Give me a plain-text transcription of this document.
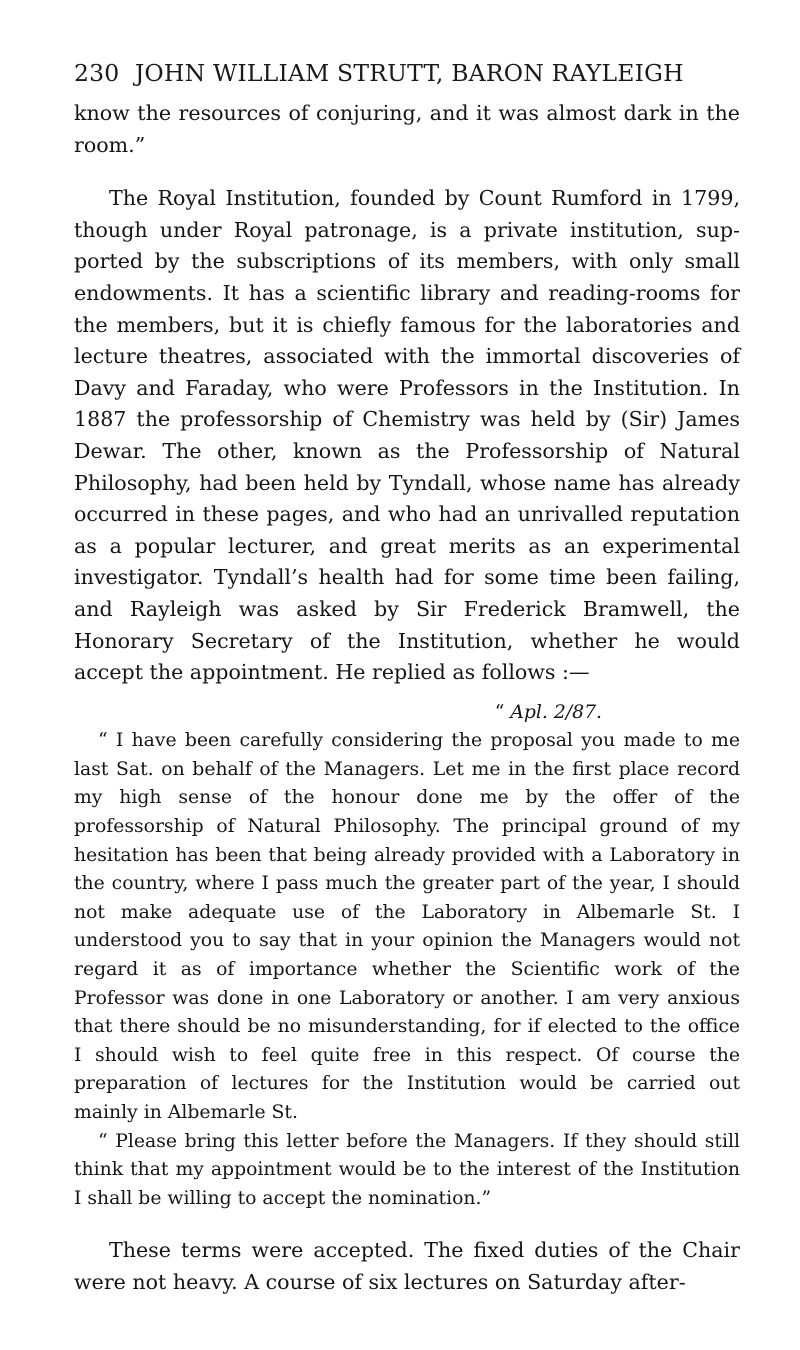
230 JOHN WILLIAM STRUTT, BARON RAYLEIGH

know the resources of conjuring, and it was almost dark in the room.”

The Royal Institution, founded by Count Rumford in 1799, though under Royal patronage, is a private institution, supported by the subscriptions of its members, with only small endowments. It has a scientific library and reading-rooms for the members, but it is chiefly famous for the laboratories and lecture theatres, associated with the immortal discoveries of Davy and Faraday, who were Professors in the Institution. In 1887 the professorship of Chemistry was held by (Sir) James Dewar. The other, known as the Professorship of Natural Philosophy, had been held by Tyndall, whose name has already occurred in these pages, and who had an unrivalled reputation as a popular lecturer, and great merits as an experimental investigator. Tyndall’s health had for some time been failing, and Rayleigh was asked by Sir Frederick Bramwell, the Honorary Secretary of the Institution, whether he would accept the appointment. He replied as follows :—

“ Apl. 2/87.

“ I have been carefully considering the proposal you made to me last Sat. on behalf of the Managers. Let me in the first place record my high sense of the honour done me by the offer of the professorship of Natural Philosophy. The principal ground of my hesitation has been that being already provided with a Laboratory in the country, where I pass much the greater part of the year, I should not make adequate use of the Laboratory in Albemarle St. I understood you to say that in your opinion the Managers would not regard it as of importance whether the Scientific work of the Professor was done in one Laboratory or another. I am very anxious that there should be no misunderstanding, for if elected to the office I should wish to feel quite free in this respect. Of course the preparation of lectures for the Institution would be carried out mainly in Albemarle St.

“ Please bring this letter before the Managers. If they should still think that my appointment would be to the interest of the Institution I shall be willing to accept the nomination.”

These terms were accepted. The fixed duties of the Chair were not heavy. A course of six lectures on Saturday after-
